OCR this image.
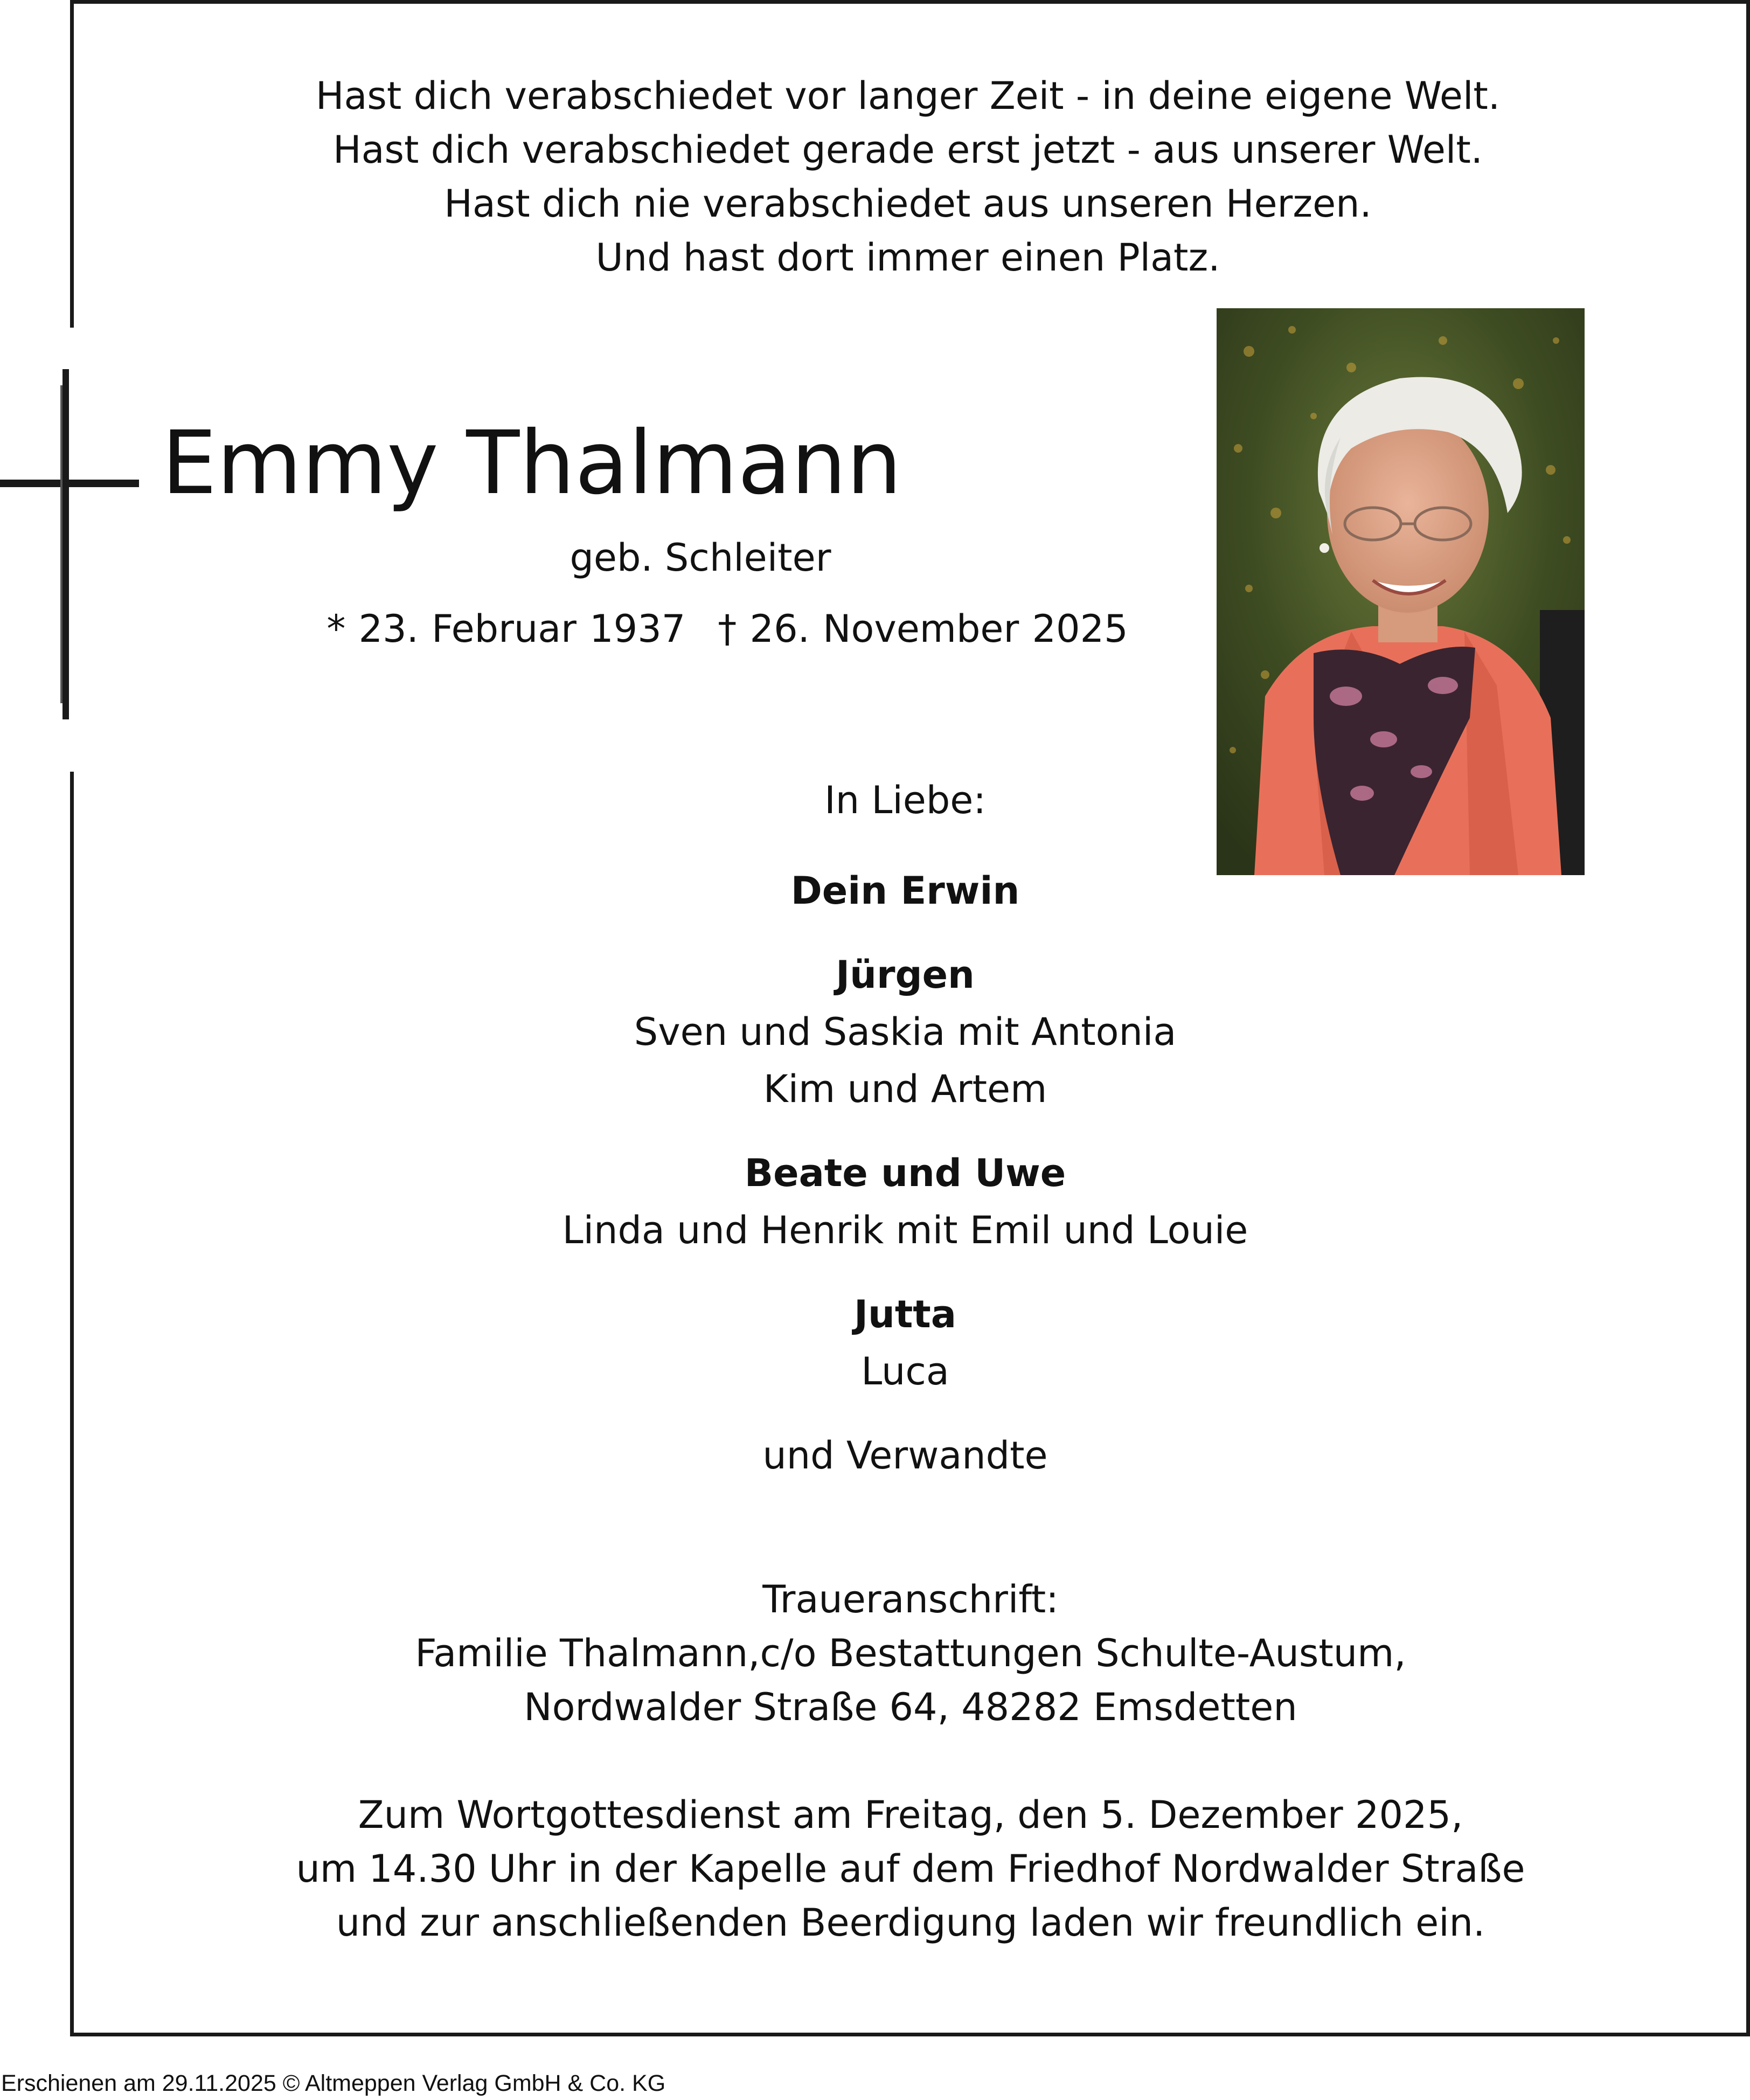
Hast dich verabschiedet vor langer Zeit - in deine eigene Welt.
Hast dich verabschiedet gerade erst jetzt - aus unserer Welt.
Hast dich nie verabschiedet aus unseren Herzen.
Und hast dort immer einen Platz.
Emmy Thalmann
geb. Schleiter
* 23. Februar 1937 † 26. November 2025
In Liebe:
Dein Erwin
Jürgen
Sven und Saskia mit Antonia
Kim und Artem
Beate und Uwe
Linda und Henrik mit Emil und Louie
Jutta
Luca
und Verwandte
Traueranschrift:
Familie Thalmann,c/o Bestattungen Schulte-Austum,
Nordwalder Straße 64, 48282 Emsdetten
Zum Wortgottesdienst am Freitag, den 5. Dezember 2025,
um 14.30 Uhr in der Kapelle auf dem Friedhof Nordwalder Straße
und zur anschließenden Beerdigung laden wir freundlich ein.
Erschienen am 29.11.2025 © Altmeppen Verlag GmbH & Co. KG
